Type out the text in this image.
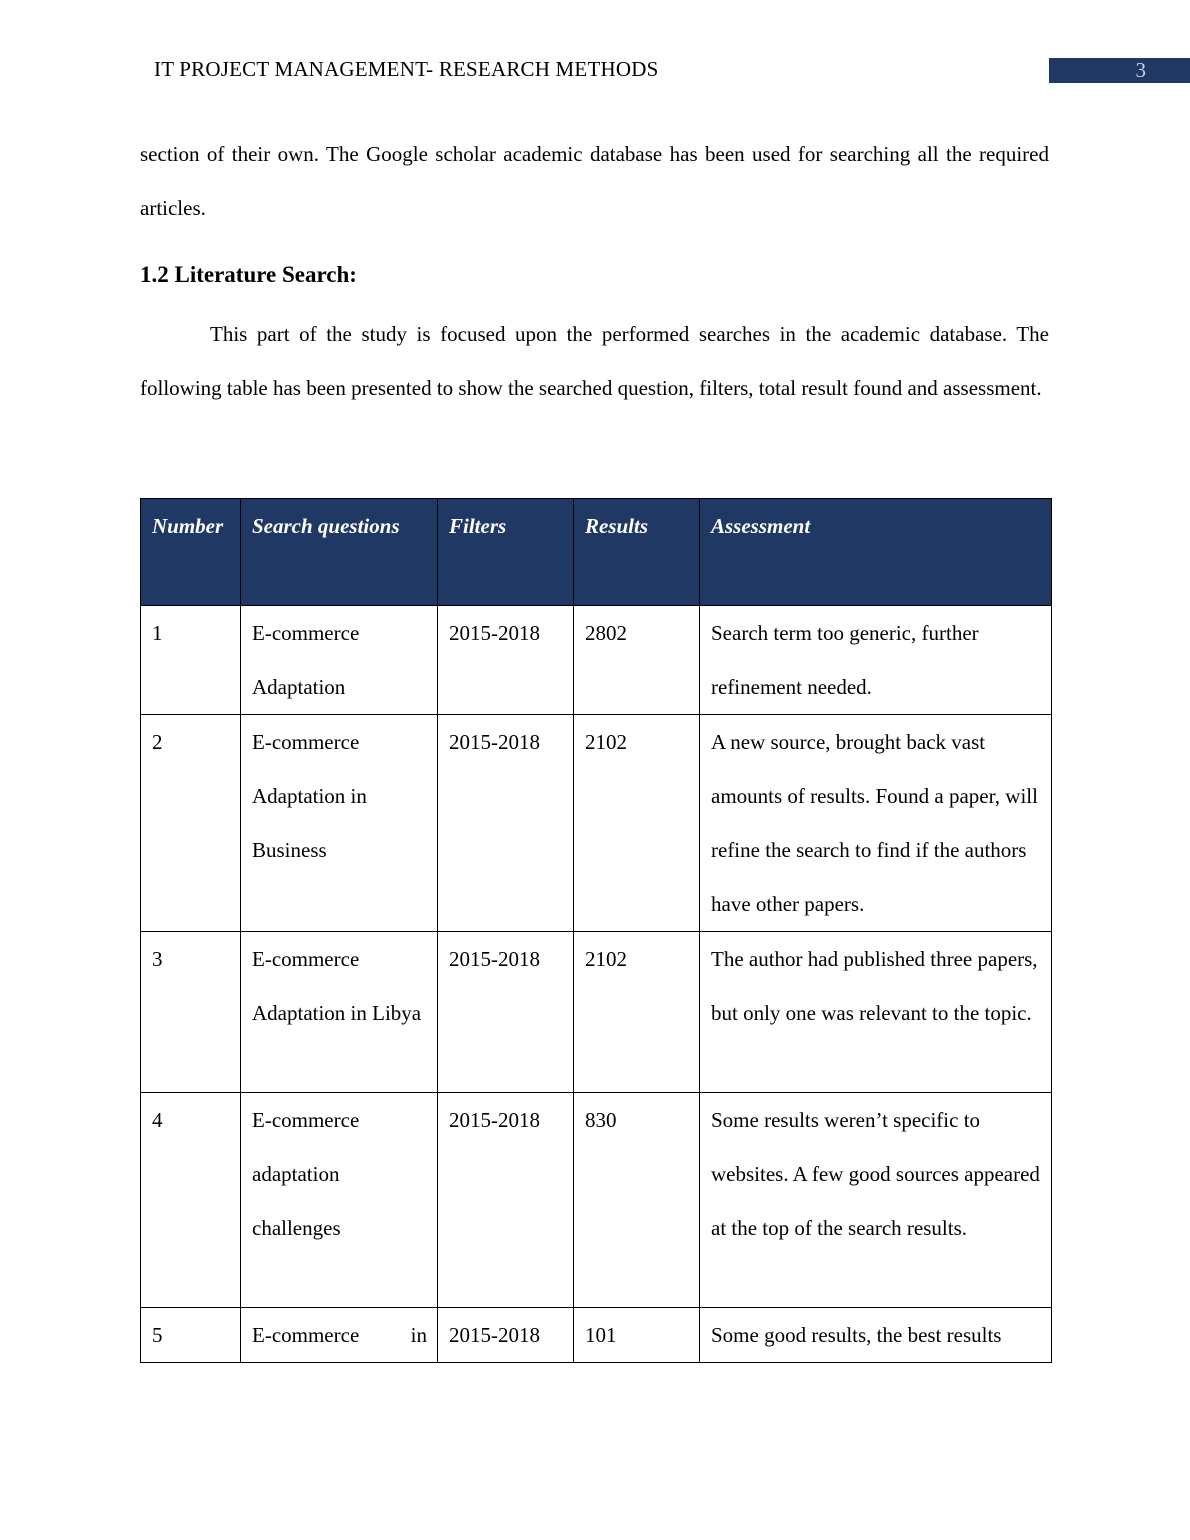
IT PROJECT MANAGEMENT- RESEARCH METHODS	3
section of their own. The Google scholar academic database has been used for searching all the required articles.
1.2 Literature Search:
This part of the study is focused upon the performed searches in the academic database. The following table has been presented to show the searched question, filters, total result found and assessment.
Number	Search questions	Filters	Results	Assessment
1	E-commerce Adaptation	2015-2018	2802	Search term too generic, further refinement needed.
2	E-commerce Adaptation in Business	2015-2018	2102	A new source, brought back vast amounts of results. Found a paper, will refine the search to find if the authors have other papers.
3	E-commerce Adaptation in Libya	2015-2018	2102	The author had published three papers, but only one was relevant to the topic.
4	E-commerce adaptation challenges	2015-2018	830	Some results weren’t specific to websites. A few good sources appeared at the top of the search results.
5	E-commerce in	2015-2018	101	Some good results, the best results
